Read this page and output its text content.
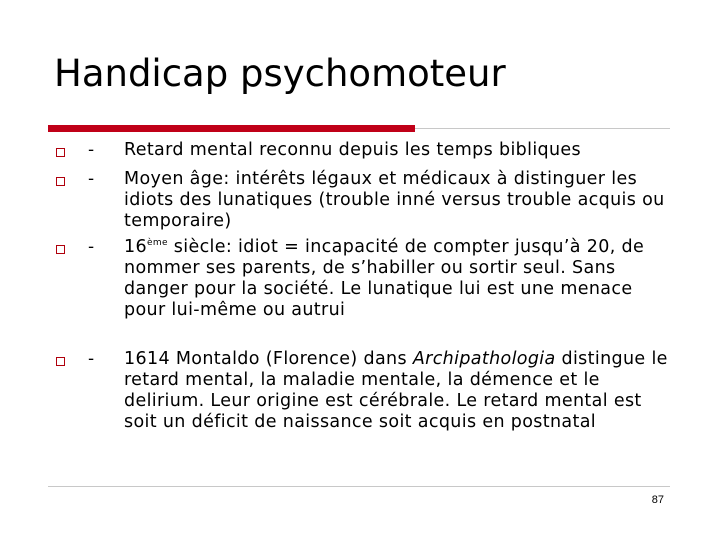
Handicap psychomoteur
- Retard mental reconnu depuis les temps bibliques
- Moyen âge: intérêts légaux et médicaux à distinguer les idiots des lunatiques (trouble inné versus trouble acquis ou temporaire)
- 16ème siècle: idiot = incapacité de compter jusqu’à 20, de nommer ses parents, de s’habiller ou sortir seul. Sans danger pour la société. Le lunatique lui est une menace pour lui-même ou autrui
- 1614 Montaldo (Florence) dans Archipathologia distingue le retard mental, la maladie mentale, la démence et le delirium. Leur origine est cérébrale. Le retard mental est soit un déficit de naissance soit acquis en postnatal
87
